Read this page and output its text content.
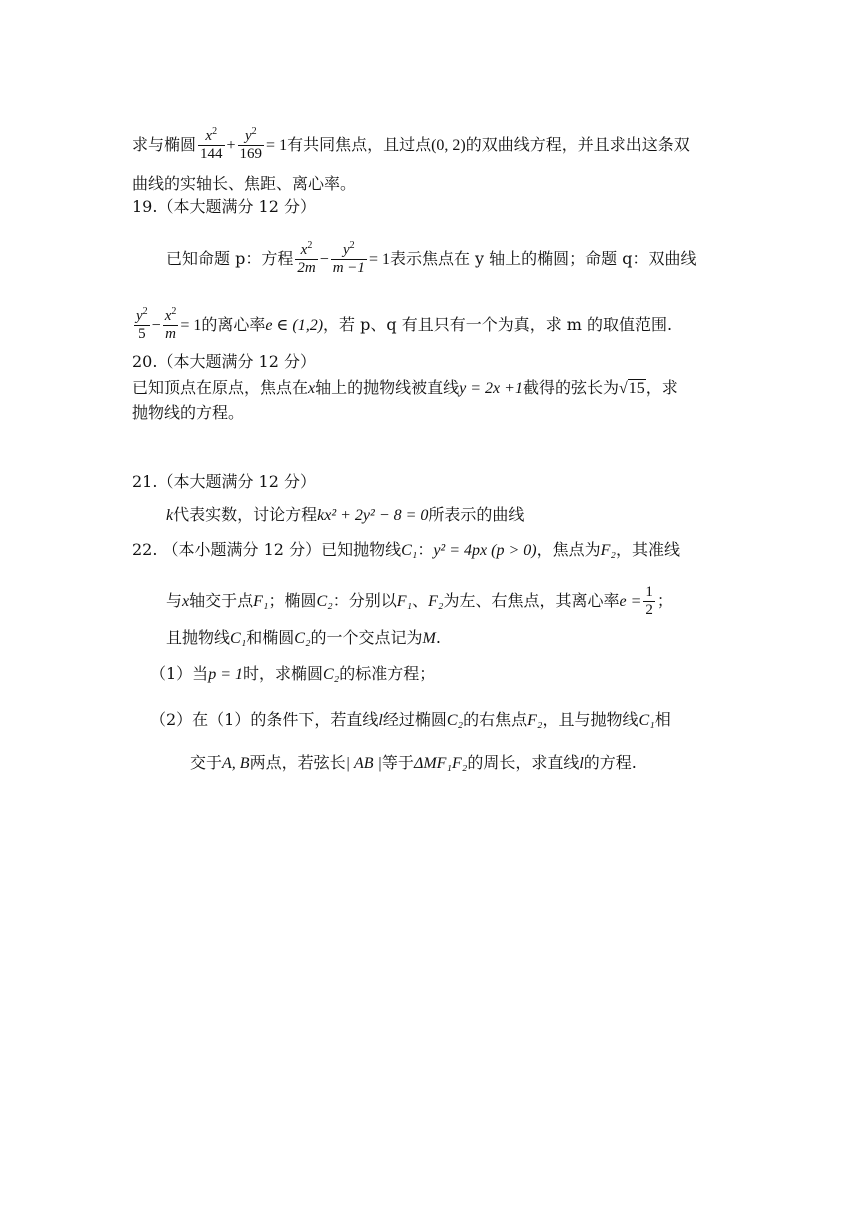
求与椭圆 $\frac{x^2}{144} + \frac{y^2}{169} = 1$有共同焦点，且过点(0, 2)的双曲线方程，并且求出这条双
曲线的实轴长、焦距、离心率。
19.（本大题满分 12 分）
已知命题 p：方程 $\frac{x^2}{2m} - \frac{y^2}{m -1} = 1$表示焦点在 y 轴上的椭圆；命题 q：双曲线
$\frac{y^2}{5} - \frac{x^2}{m} = 1$的离心率e ∈ (1,2)，若 p、q 有且只有一个为真，求 m 的取值范围.
20.（本大题满分 12 分）
已知顶点在原点，焦点在x轴上的抛物线被直线y = 2x +1截得的弦长为√15，求
抛物线的方程。
21.（本大题满分 12 分）
k代表实数，讨论方程kx² + 2y² − 8 = 0所表示的曲线
22. （本小题满分 12 分）已知抛物线C₁：y² = 4px (p > 0)，焦点为F₂，其准线
与x轴交于点F₁；椭圆C₂：分别以F₁、F₂为左、右焦点，其离心率$e = \frac{1}{2}$ ；
且抛物线C₁和椭圆C₂的一个交点记为M.
（1）当p = 1时，求椭圆C₂的标准方程；
（2）在（1）的条件下，若直线l经过椭圆C₂的右焦点F₂，且与抛物线C₁相
交于A, B两点，若弦长| AB |等于ΔMF₁F₂的周长，求直线l的方程.
